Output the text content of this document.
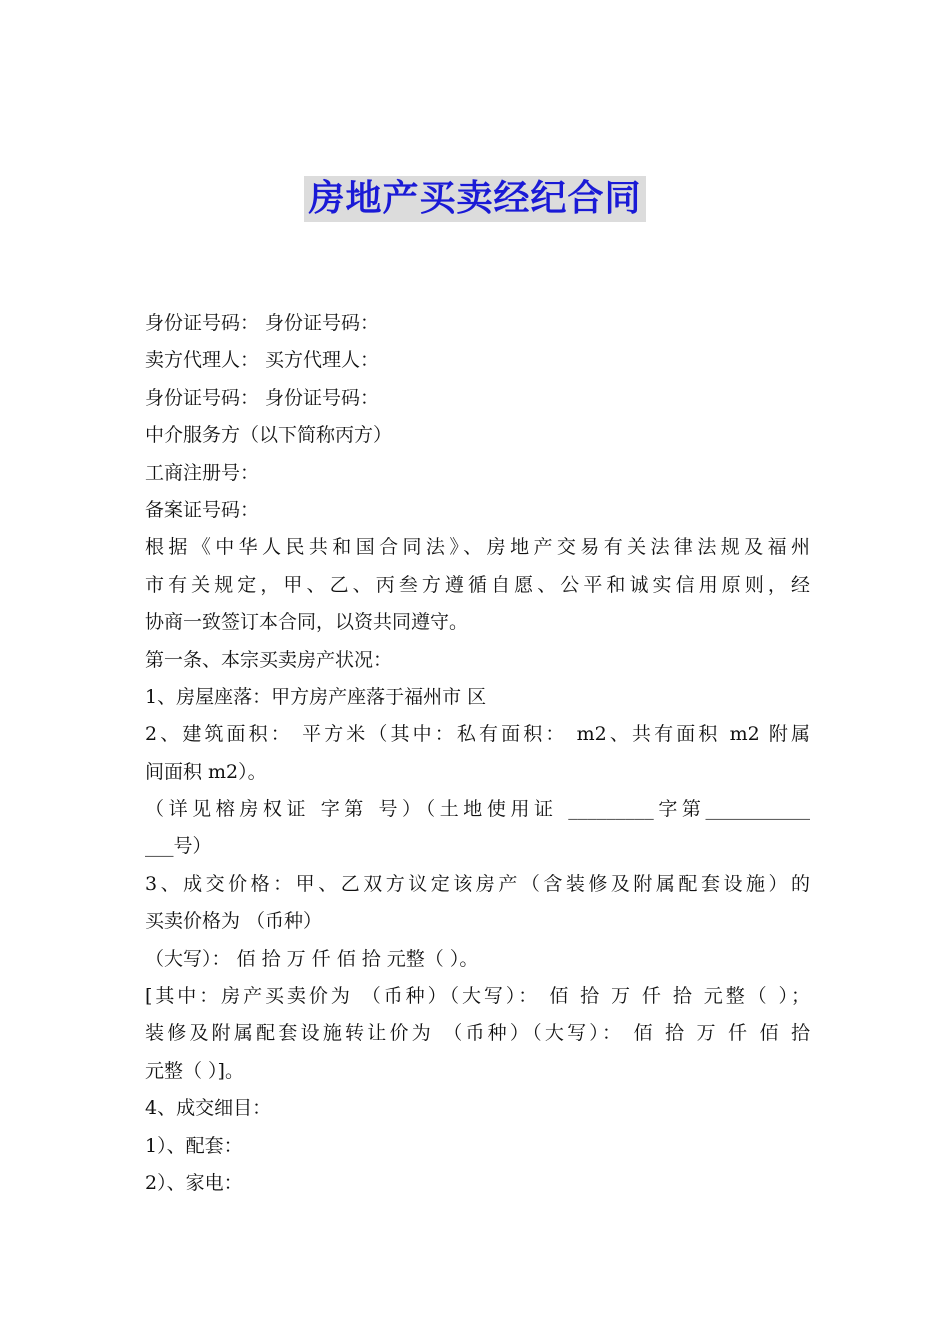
房地产买卖经纪合同
身份证号码： 身份证号码：
卖方代理人： 买方代理人：
身份证号码： 身份证号码：
中介服务方（以下简称丙方）
工商注册号：
备案证号码：
根据《中华人民共和国合同法》、房地产交易有关法律法规及福州
市有关规定，甲、乙、丙叁方遵循自愿、公平和诚实信用原则，经
协商一致签订本合同，以资共同遵守。
第一条、本宗买卖房产状况：
1、房屋座落：甲方房产座落于福州市 区
2、建筑面积： 平方米（其中：私有面积： m2、共有面积 m2 附属
间面积 m2）。
（详见榕房权证 字第 号）（土地使用证 _________字第___________
___号）
3、成交价格：甲、乙双方议定该房产（含装修及附属配套设施）的
买卖价格为 （币种）
（大写）： 佰 拾 万 仟 佰 拾 元整（ ）。
[其中：房产买卖价为 （币种）（大写）： 佰 拾 万 仟 拾 元整（ ）；
装修及附属配套设施转让价为 （币种）（大写）： 佰 拾 万 仟 佰 拾
元整（ ）]。
4、成交细目：
1）、配套：
2）、家电：
